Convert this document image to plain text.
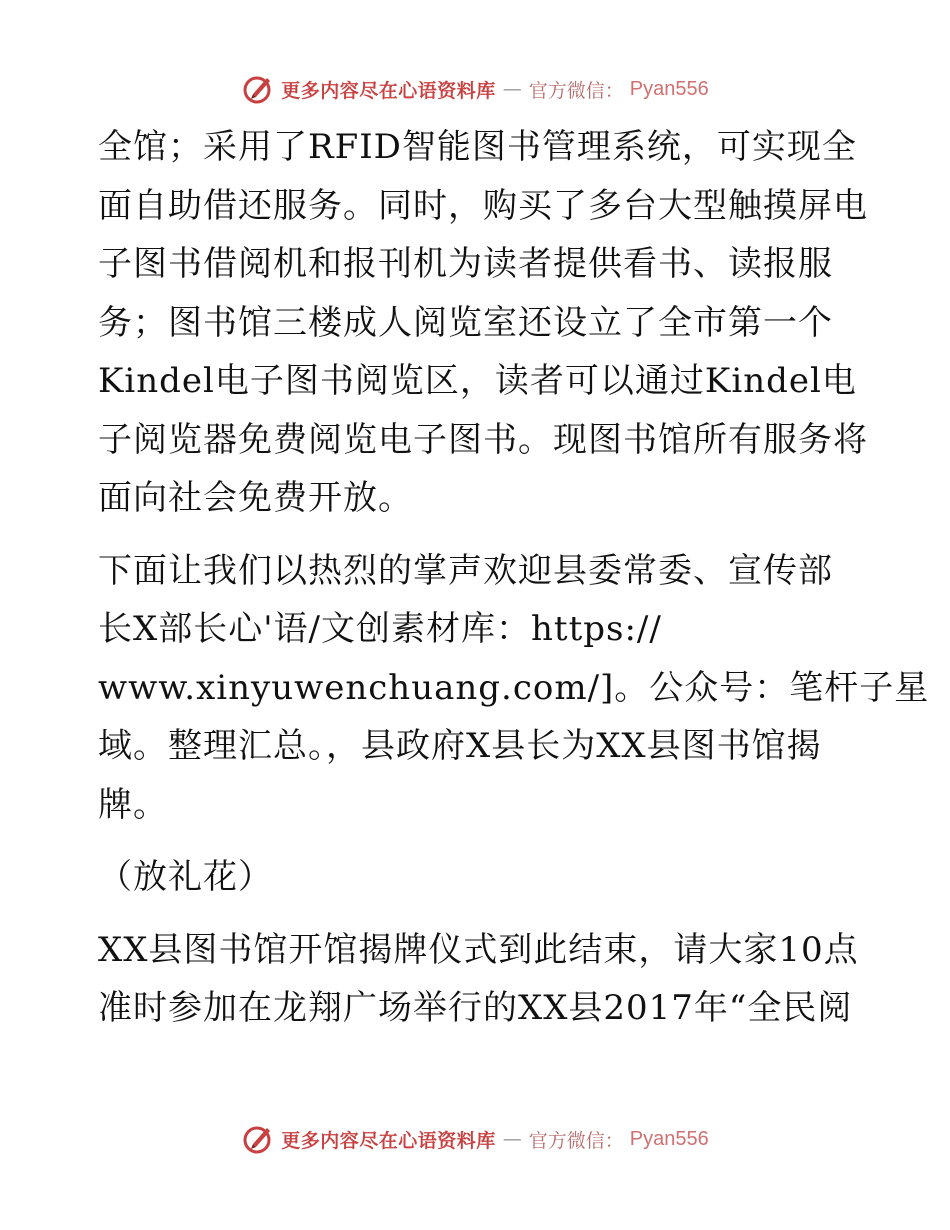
更多内容尽在心语资料库 — 官方微信： Pyan556

全馆；采用了RFID智能图书管理系统，可实现全
面自助借还服务。同时，购买了多台大型触摸屏电
子图书借阅机和报刊机为读者提供看书、读报服
务；图书馆三楼成人阅览室还设立了全市第一个
Kindel电子图书阅览区，读者可以通过Kindel电
子阅览器免费阅览电子图书。现图书馆所有服务将
面向社会免费开放。

下面让我们以热烈的掌声欢迎县委常委、宣传部
长X部长心'语/文创素材库：https://
www.xinyuwenchuang.com/]。公众号：笔杆子星
域。整理汇总。，县政府X县长为XX县图书馆揭
牌。

（放礼花）

XX县图书馆开馆揭牌仪式到此结束，请大家10点
准时参加在龙翔广场举行的XX县2017年“全民阅

更多内容尽在心语资料库 — 官方微信： Pyan556
